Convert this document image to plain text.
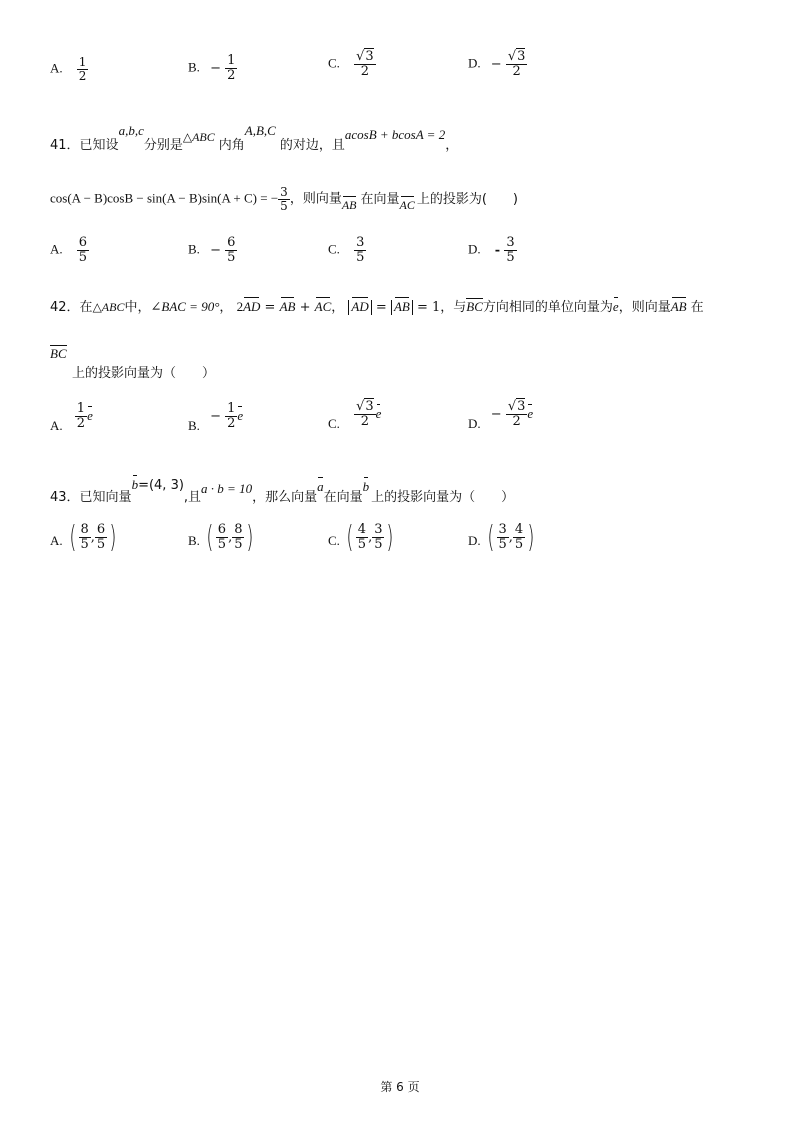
A. $\frac{1}{2}$	B. − $\frac{1}{2}$	C. $\frac{√3}{2}$	D. − $\frac{√3}{2}$
41．已知设a,b,c分别是△ABC内角A,B,C的对边，且acosB + bcosA = 2，
cos(A − B)cosB − sin(A − B)sin(A + C) = − $\frac{3}{5}$ ，则向量AB 在向量AC 上的投影为(　　)
A. $\frac{6}{5}$	B. − $\frac{6}{5}$	C. $\frac{3}{5}$	D. - $\frac{3}{5}$
42．在△ABC中，∠BAC = 90°， 2AD = AB + AC， AD = AB = 1，与BC方向相同的单位向量为e，则向量AB 在
BC
上的投影向量为（　　）
A. $\frac{1}{2}$ e
B. − $\frac{1}{2}$ e
C. $\frac{√3}{2}$ e
D. − $\frac{√3}{2}$ e
43．已知向量b=(4, 3),且a · b = 10，那么向量a在向量b上的投影向量为（　　）
A. ( $\frac{8}{5}$ , $\frac{6}{5}$ )	B. ( $\frac{6}{5}$ , $\frac{8}{5}$ )	C. ( $\frac{4}{5}$ , $\frac{3}{5}$ )	D. ( $\frac{3}{5}$ , $\frac{4}{5}$ )
第 6 页
